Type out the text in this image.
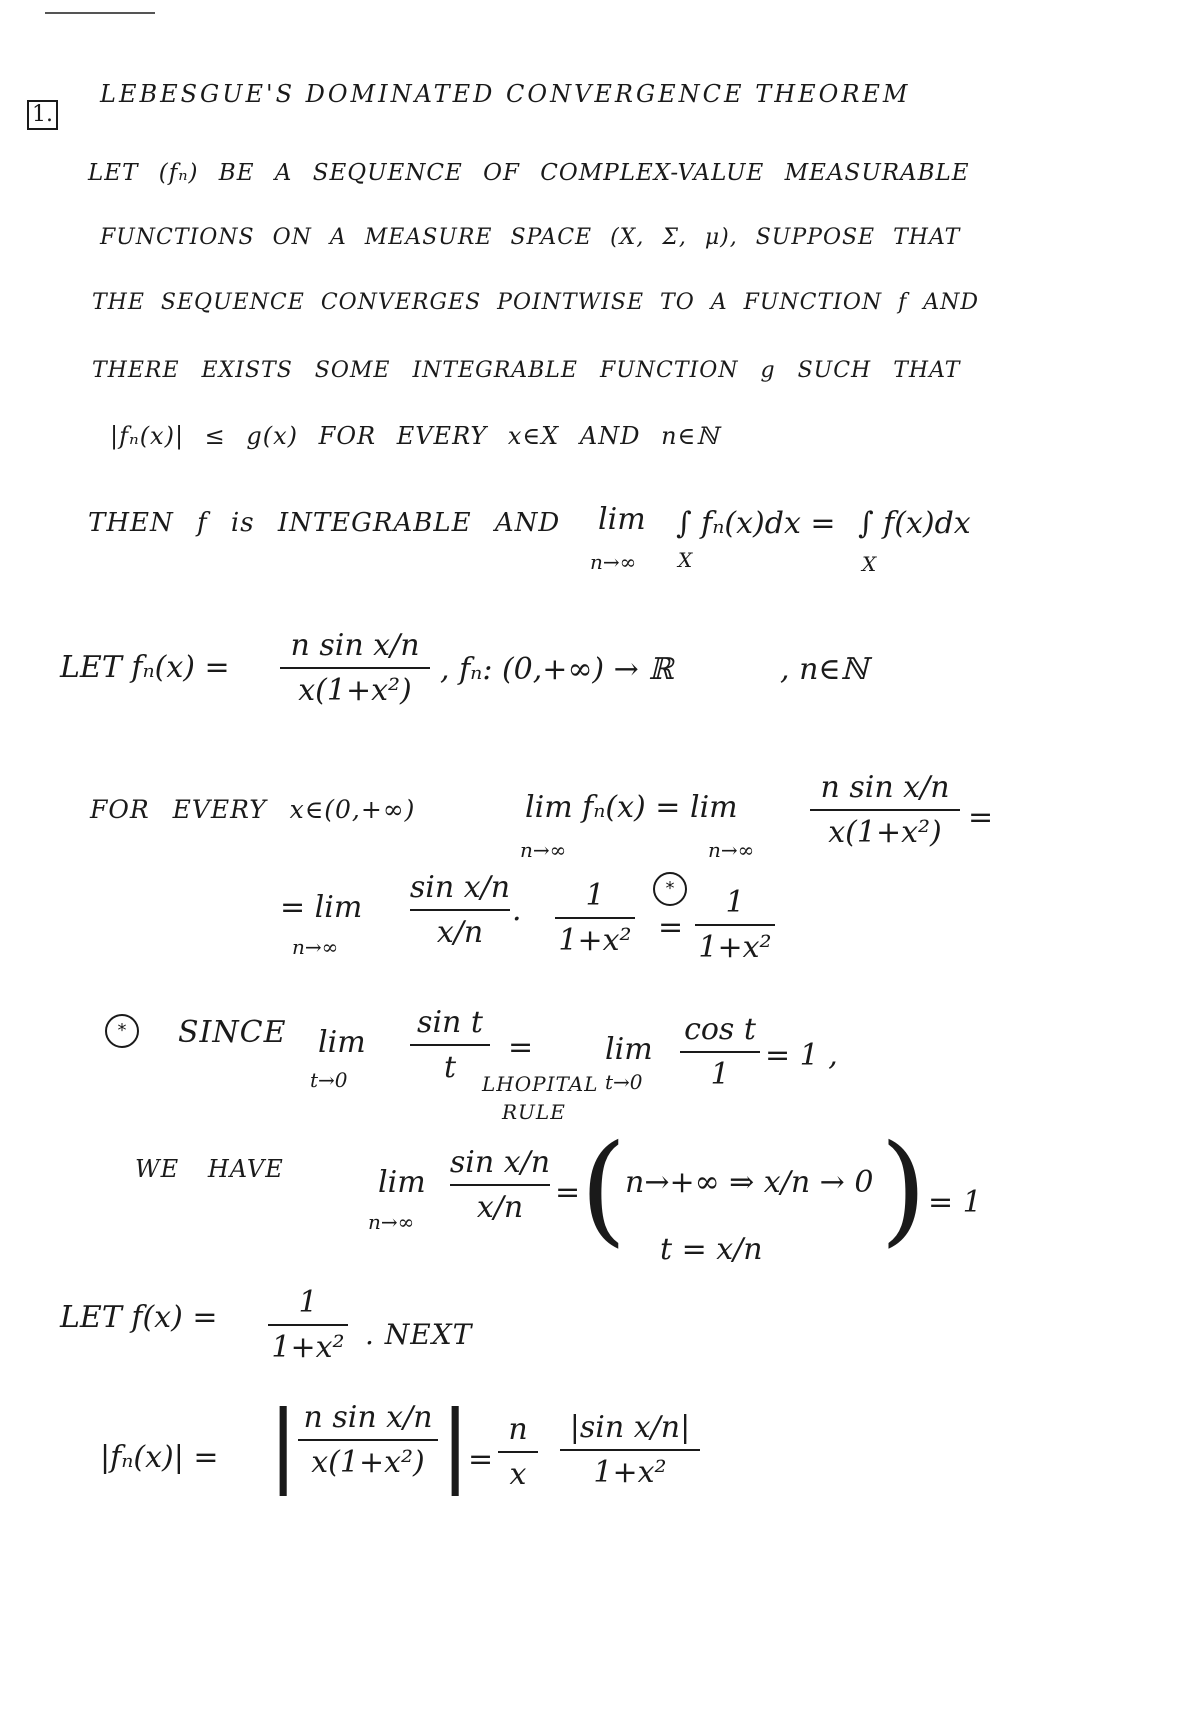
1.
LEBESGUE'S DOMINATED CONVERGENCE THEOREM
LET (fₙ) BE A SEQUENCE OF COMPLEX-VALUE MEASURABLE
FUNCTIONS ON A MEASURE SPACE (X, Σ, μ), SUPPOSE THAT
THE SEQUENCE CONVERGES POINTWISE TO A FUNCTION f AND
THERE EXISTS SOME INTEGRABLE FUNCTION g SUCH THAT
|fₙ(x)| ≤ g(x) FOR EVERY x∈X AND n∈ℕ
THEN f is INTEGRABLE AND lim
n→∞
∫ fₙ(x)dx =
X
∫ f(x)dx
X
LET fₙ(x) =
n sin x/n
x(1+x²)
, fₙ: (0,+∞) → ℝ	, n∈ℕ
FOR EVERY x∈(0,+∞)	lim fₙ(x) = lim
n→∞	n→∞
n sin x/n
x(1+x²) =
= lim
n→∞
sin x/n
x/n ·
1
1+x²
*
=
1
1+x²
*	SINCE lim
t→0
sin t
t
=
LHOPITAL
RULE
lim
t→0
cos t
1
= 1 ,
WE HAVE	lim
n→∞
sin x/n
x/n = (
n→+∞ ⇒ x/n → 0
t = x/n ) = 1
LET f(x) =	1
1+x² . NEXT
|fₙ(x)| = | n sin x/n
x(1+x²) |
=
n
x
|sin x/n|
1+x²
